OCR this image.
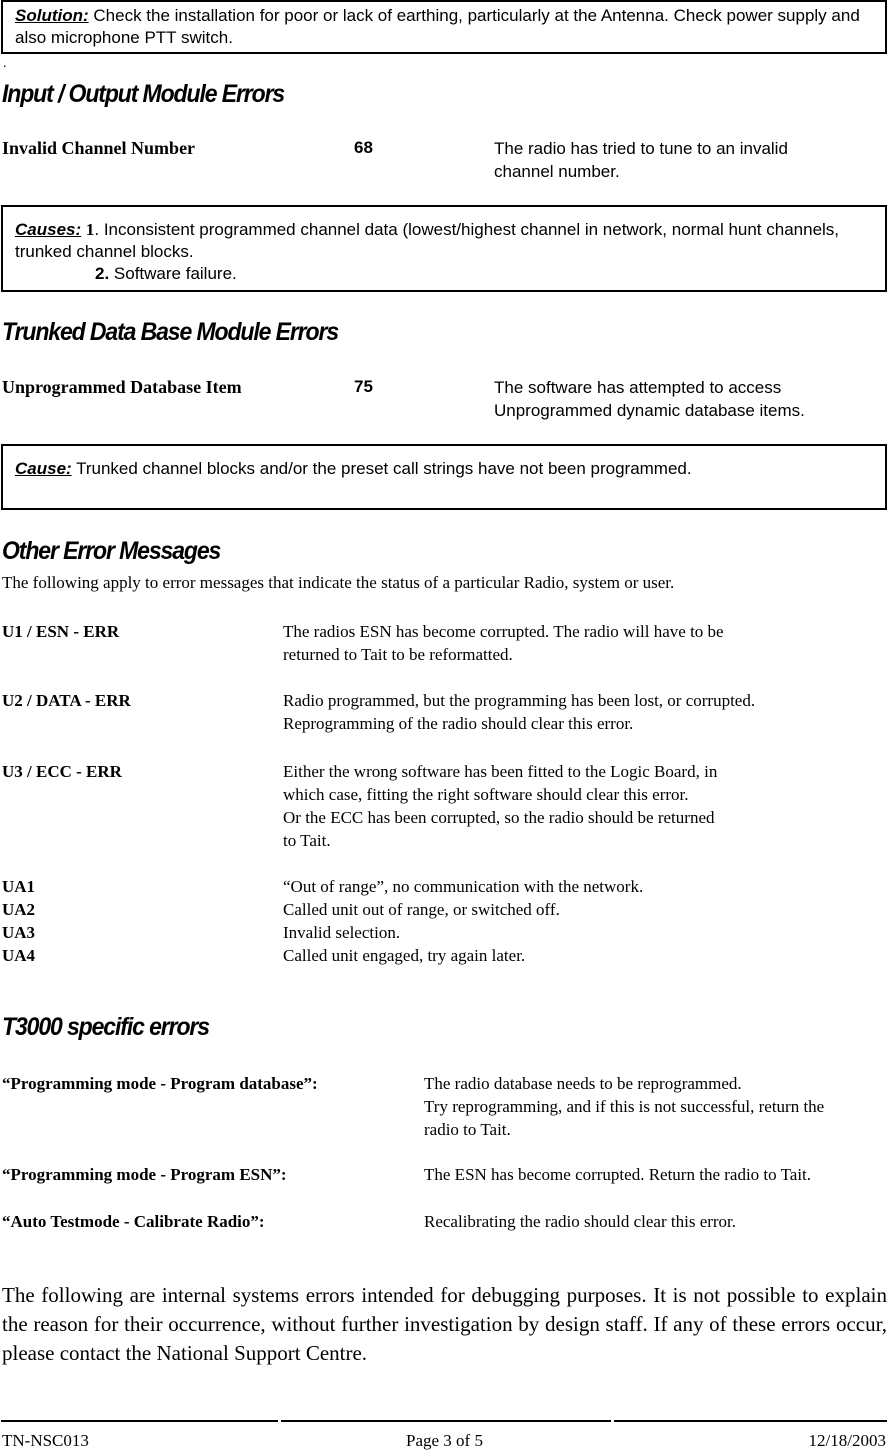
Solution: Check the installation for poor or lack of earthing, particularly at the Antenna. Check power supply and also microphone PTT switch.
.
Input / Output Module Errors
Invalid Channel Number	68	The radio has tried to tune to an invalid
channel number.
Causes: 1. Inconsistent programmed channel data (lowest/highest channel in network, normal hunt channels, trunked channel blocks.
2. Software failure.
Trunked Data Base Module Errors
Unprogrammed Database Item	75	The software has attempted to access
Unprogrammed dynamic database items.
Cause: Trunked channel blocks and/or the preset call strings have not been programmed.
Other Error Messages
The following apply to error messages that indicate the status of a particular Radio, system or user.
U1 / ESN - ERR	The radios ESN has become corrupted. The radio will have to be
returned to Tait to be reformatted.
U2 / DATA - ERR	Radio programmed, but the programming has been lost, or corrupted.
Reprogramming of the radio should clear this error.
U3 / ECC - ERR	Either the wrong software has been fitted to the Logic Board, in
which case, fitting the right software should clear this error.
Or the ECC has been corrupted, so the radio should be returned
to Tait.
UA1	“Out of range”, no communication with the network.
UA2	Called unit out of range, or switched off.
UA3	Invalid selection.
UA4	Called unit engaged, try again later.
T3000 specific errors
“Programming mode - Program database”:	The radio database needs to be reprogrammed.
Try reprogramming, and if this is not successful, return the
radio to Tait.
“Programming mode - Program ESN”:	The ESN has become corrupted. Return the radio to Tait.
“Auto Testmode - Calibrate Radio”:	Recalibrating the radio should clear this error.
The following are internal systems errors intended for debugging purposes. It is not possible to explain the reason for their occurrence, without further investigation by design staff. If any of these errors occur, please contact the National Support Centre.
TN-NSC013	Page 3 of 5	12/18/2003
